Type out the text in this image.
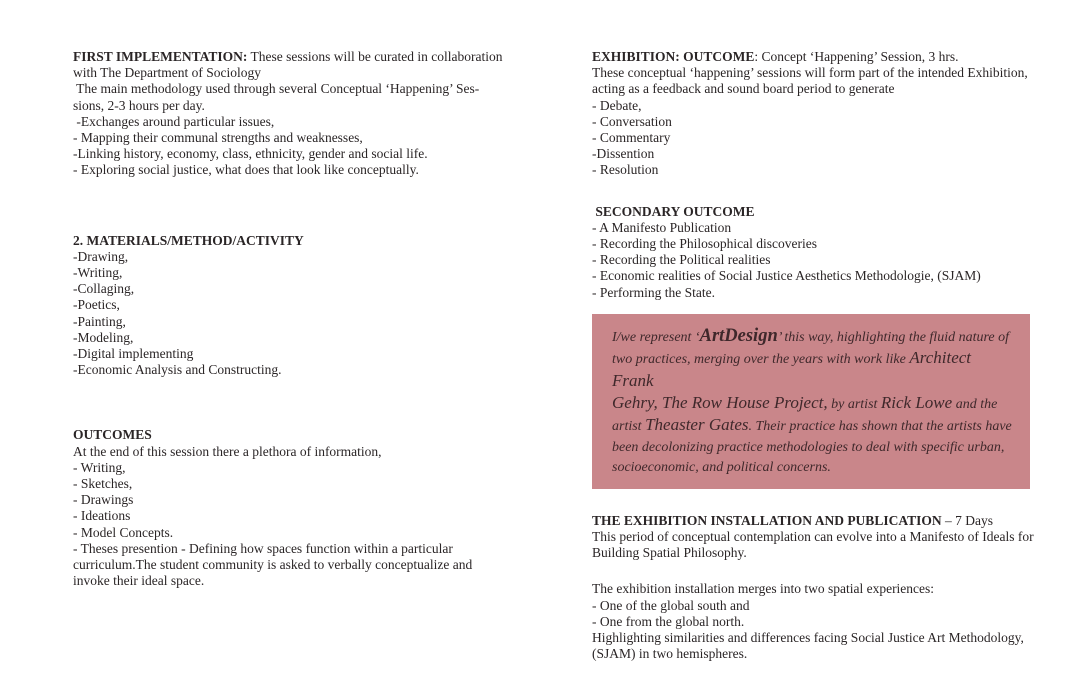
FIRST IMPLEMENTATION: These sessions will be curated in collaboration
with The Department of Sociology
The main methodology used through several Conceptual ‘Happening’ Ses-
sions, 2-3 hours per day.
-Exchanges around particular issues,
- Mapping their communal strengths and weaknesses,
-Linking history, economy, class, ethnicity, gender and social life.
- Exploring social justice, what does that look like conceptually.
2. MATERIALS/METHOD/ACTIVITY
-Drawing,
-Writing,
-Collaging,
-Poetics,
-Painting,
-Modeling,
-Digital implementing
-Economic Analysis and Constructing.
OUTCOMES
At the end of this session there a plethora of information,
- Writing,
- Sketches,
- Drawings
- Ideations
- Model Concepts.
- Theses presention - Defining how spaces function within a particular
curriculum.The student community is asked to verbally conceptualize and
invoke their ideal space.
EXHIBITION: OUTCOME: Concept ‘Happening’ Session, 3 hrs.
These conceptual ‘happening’ sessions will form part of the intended Exhibition,
acting as a feedback and sound board period to generate
- Debate,
- Conversation
- Commentary
-Dissention
- Resolution
SECONDARY OUTCOME
- A Manifesto Publication
- Recording the Philosophical discoveries
- Recording the Political realities
- Economic realities of Social Justice Aesthetics Methodologie, (SJAM)
- Performing the State.
I/we represent ‘ArtDesign’ this way, highlighting the fluid nature of
two practices, merging over the years with work like Architect Frank
Gehry, The Row House Project, by artist Rick Lowe and the
artist Theaster Gates. Their practice has shown that the artists have
been decolonizing practice methodologies to deal with specific urban,
socioeconomic, and political concerns.
THE EXHIBITION INSTALLATION AND PUBLICATION – 7 Days
This period of conceptual contemplation can evolve into a Manifesto of Ideals for
Building Spatial Philosophy.
The exhibition installation merges into two spatial experiences:
- One of the global south and
- One from the global north.
Highlighting similarities and differences facing Social Justice Art Methodology,
(SJAM) in two hemispheres.
